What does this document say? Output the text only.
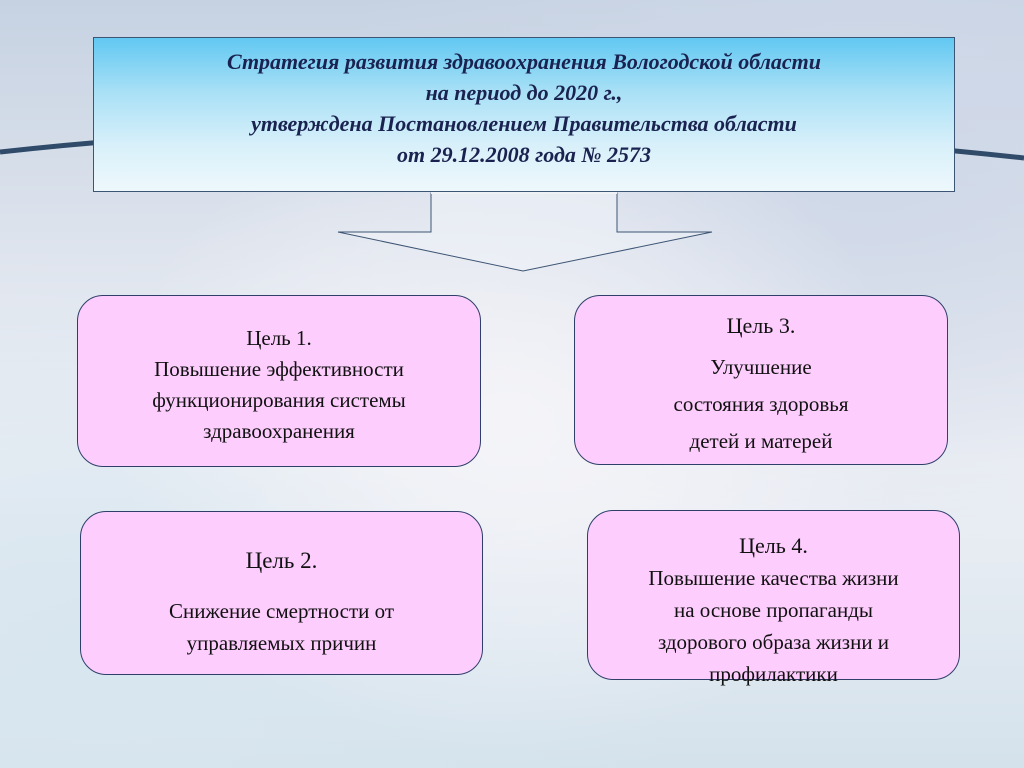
Стратегия развития здравоохранения Вологодской области
на период до 2020 г.,
утверждена Постановлением Правительства области
от 29.12.2008 года № 2573
Цель 1.
Повышение эффективности
функционирования системы
здравоохранения
Цель 3.
Улучшение
состояния здоровья
детей и матерей
Цель 2.
Снижение смертности от
управляемых причин
Цель 4.
Повышение качества жизни
на основе пропаганды
здорового образа жизни и
профилактики
